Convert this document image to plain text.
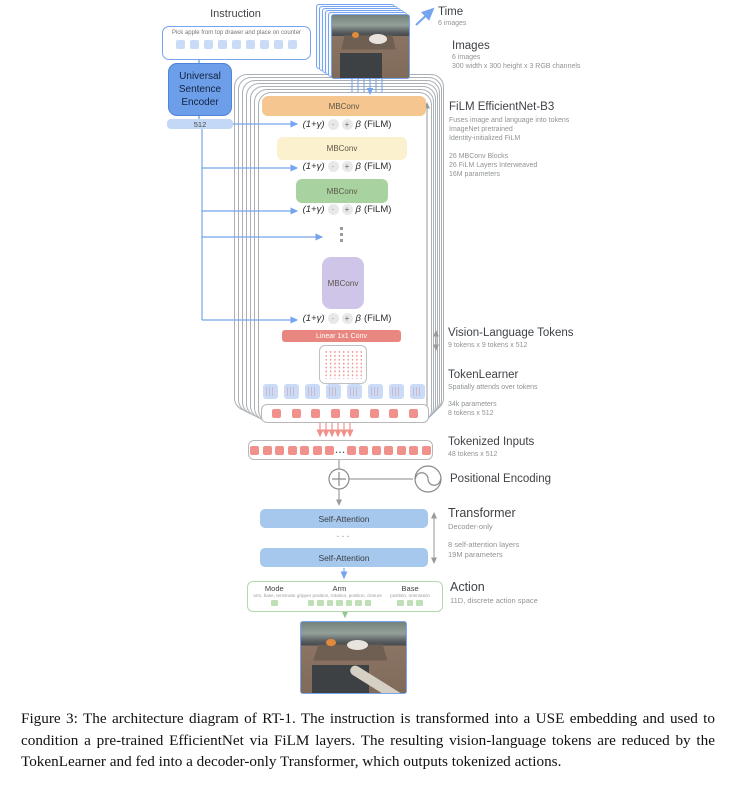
Instruction
Pick apple from top drawer and place on counter
Universal Sentence Encoder
512
Time
6 images
Images
6 images
300 width x 300 height x 3 RGB channels
MBConv
(1+γ) ·	+ β (FiLM)
MBConv
(1+γ) ·	+ β (FiLM)
MBConv
(1+γ) ·	+ β (FiLM)
MBConv
(1+γ) ·	+ β (FiLM)
Linear 1x1 Conv
FiLM EfficientNet-B3
Fuses image and language into tokens
ImageNet pretrained
Identity-initialized FiLM
26 MBConv Blocks
26 FiLM Layers Interweaved
16M parameters
Vision-Language Tokens
9 tokens x 9 tokens x 512
TokenLearner
Spatially attends over tokens
34k parameters
8 tokens x 512
...
Tokenized Inputs
48 tokens x 512
Positional Encoding
Self-Attention
...
Self-Attention
Transformer
Decoder-only
8 self-attention layers
19M parameters
Mode
arm, base, terminate
Arm
gripper position, rotation, position, closure
Base
position, orientation
Action
11D, discrete action space
Figure 3: The architecture diagram of RT-1. The instruction is transformed into a USE embedding and used to condition a pre-trained EfficientNet via FiLM layers. The resulting vision-language tokens are reduced by the TokenLearner and fed into a decoder-only Transformer, which outputs tokenized actions.
